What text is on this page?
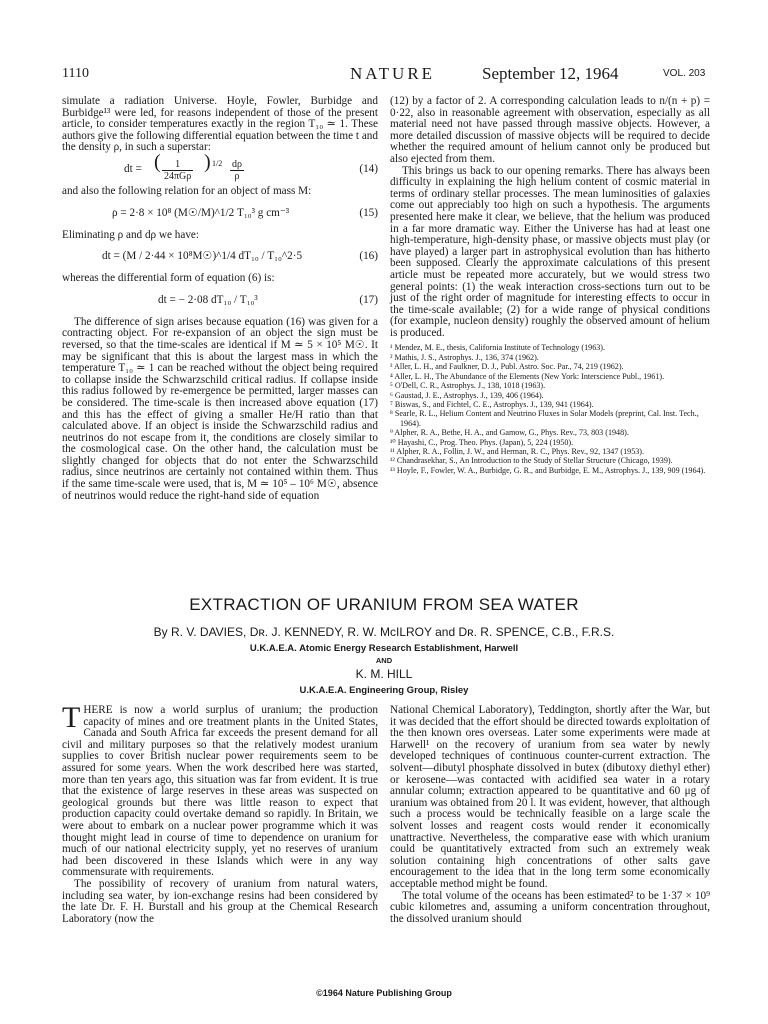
1110	NATURE	September 12, 1964	VOL. 203

simulate a radiation Universe. Hoyle, Fowler, Burbidge and Burbidge¹³ were led, for reasons independent of those of the present article, to consider temperatures exactly in the region T₁₀ ≃ 1. These authors give the following differential equation between the time t and the density ρ, in such a superstar:

dt = (	1
24πGρ
) $1/2 \frac{d\rho}{\rho}$	(14)

and also the following relation for an object of mass M:

ρ = 2·8 × 10⁸ (M☉/M)^1/2 T₁₀³ g cm⁻³	(15)

Eliminating ρ and dρ we have:

dt = (M / 2·44 × 10⁸M☉)^1/4 dT₁₀ / T₁₀^2·5	(16)

whereas the differential form of equation (6) is:

dt = − 2·08 dT₁₀ / T₁₀³	(17)

The difference of sign arises because equation (16) was given for a contracting object. For re-expansion of an object the sign must be reversed, so that the time-scales are identical if M ≃ 5 × 10⁵ M☉. It may be significant that this is about the largest mass in which the temperature T₁₀ ≃ 1 can be reached without the object being required to collapse inside the Schwarzschild critical radius. If collapse inside this radius followed by re-emergence be permitted, larger masses can be considered. The time-scale is then increased above equation (17) and this has the effect of giving a smaller He/H ratio than that calculated above. If an object is inside the Schwarzschild radius and neutrinos do not escape from it, the conditions are closely similar to the cosmological case. On the other hand, the calculation must be slightly changed for objects that do not enter the Schwarzschild radius, since neutrinos are certainly not contained within them. Thus if the same time-scale were used, that is, M ≃ 10⁵ – 10⁶ M☉, absence of neutrinos would reduce the right-hand side of equation

(12) by a factor of 2. A corresponding calculation leads to n/(n + p) = 0·22, also in reasonable agreement with observation, especially as all material need not have passed through massive objects. However, a more detailed discussion of massive objects will be required to decide whether the required amount of helium cannot only be produced but also ejected from them.

This brings us back to our opening remarks. There has always been difficulty in explaining the high helium content of cosmic material in terms of ordinary stellar processes. The mean luminosities of galaxies come out appreciably too high on such a hypothesis. The arguments presented here make it clear, we believe, that the helium was produced in a far more dramatic way. Either the Universe has had at least one high-temperature, high-density phase, or massive objects must play (or have played) a larger part in astrophysical evolution than has hitherto been supposed. Clearly the approximate calculations of this present article must be repeated more accurately, but we would stress two general points: (1) the weak interaction cross-sections turn out to be just of the right order of magnitude for interesting effects to occur in the time-scale available; (2) for a wide range of physical conditions (for example, nucleon density) roughly the observed amount of helium is produced.

¹ Mendez, M. E., thesis, California Institute of Technology (1963).

² Mathis, J. S., Astrophys. J., 136, 374 (1962).

³ Aller, L. H., and Faulkner, D. J., Publ. Astro. Soc. Par., 74, 219 (1962).

⁴ Aller, L. H., The Abundance of the Elements (New York: Interscience Publ., 1961).

⁵ O'Dell, C. R., Astrophys. J., 138, 1018 (1963).

⁶ Gaustad, J. E., Astrophys. J., 139, 406 (1964).

⁷ Biswas, S., and Fichtel, C. E., Astrophys. J., 139, 941 (1964).

⁸ Searle, R. L., Helium Content and Neutrino Fluxes in Solar Models (preprint, Cal. Inst. Tech., 1964).

⁹ Alpher, R. A., Bethe, H. A., and Gamow, G., Phys. Rev., 73, 803 (1948).

¹⁰ Hayashi, C., Prog. Theo. Phys. (Japan), 5, 224 (1950).

¹¹ Alpher, R. A., Follin, J. W., and Herman, R. C., Phys. Rev., 92, 1347 (1953).

¹² Chandrasekhar, S., An Introduction to the Study of Stellar Structure (Chicago, 1939).

¹³ Hoyle, F., Fowler, W. A., Burbidge, G. R., and Burbidge, E. M., Astrophys. J., 139, 909 (1964).

EXTRACTION OF URANIUM FROM SEA WATER
By R. V. DAVIES, Dʀ. J. KENNEDY, R. W. McILROY and Dʀ. R. SPENCE, C.B., F.R.S.
U.K.A.E.A. Atomic Energy Research Establishment, Harwell
AND
K. M. HILL
U.K.A.E.A. Engineering Group, Risley

THERE is now a world surplus of uranium; the production capacity of mines and ore treatment plants in the United States, Canada and South Africa far exceeds the present demand for all civil and military purposes so that the relatively modest uranium supplies to cover British nuclear power requirements seem to be assured for some years. When the work described here was started, more than ten years ago, this situation was far from evident. It is true that the existence of large reserves in these areas was suspected on geological grounds but there was little reason to expect that production capacity could overtake demand so rapidly. In Britain, we were about to embark on a nuclear power programme which it was thought might lead in course of time to dependence on uranium for much of our national electricity supply, yet no reserves of uranium had been discovered in these Islands which were in any way commensurate with requirements.

The possibility of recovery of uranium from natural waters, including sea water, by ion-exchange resins had been considered by the late Dr. F. H. Burstall and his group at the Chemical Research Laboratory (now the

National Chemical Laboratory), Teddington, shortly after the War, but it was decided that the effort should be directed towards exploitation of the then known ores overseas. Later some experiments were made at Harwell¹ on the recovery of uranium from sea water by newly developed techniques of continuous counter-current extraction. The solvent—dibutyl phosphate dissolved in butex (dibutoxy diethyl ether) or kerosene—was contacted with acidified sea water in a rotary annular column; extraction appeared to be quantitative and 60 μg of uranium was obtained from 20 l. It was evident, however, that although such a process would be technically feasible on a large scale the solvent losses and reagent costs would render it economically unattractive. Nevertheless, the comparative ease with which uranium could be quantitatively extracted from such an extremely weak solution containing high concentrations of other salts gave encouragement to the idea that in the long term some economically acceptable method might be found.

The total volume of the oceans has been estimated² to be 1·37 × 10⁹ cubic kilometres and, assuming a uniform concentration throughout, the dissolved uranium should

©1964 Nature Publishing Group
